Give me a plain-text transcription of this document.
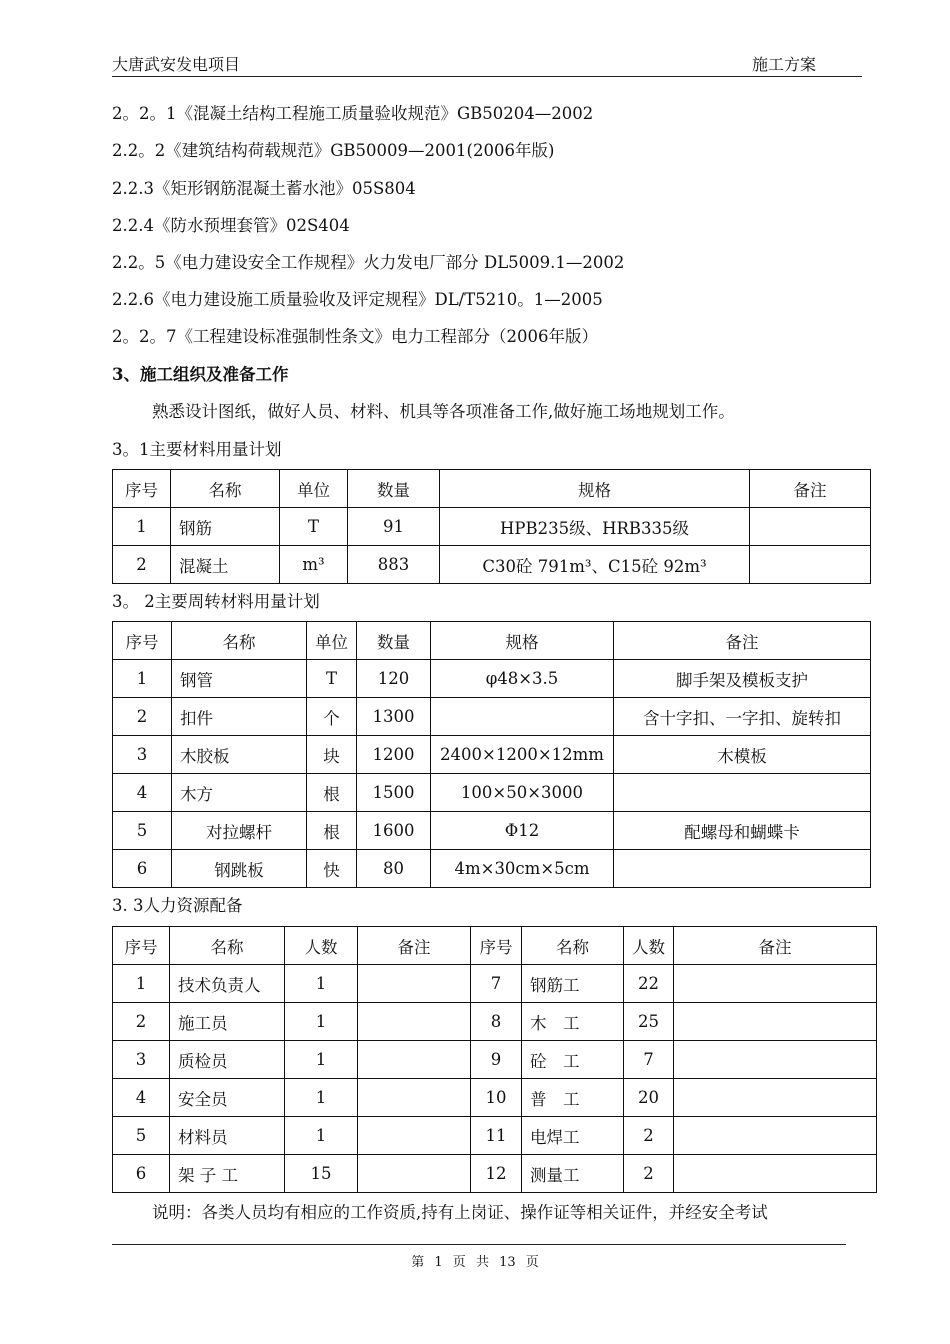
大唐武安发电项目	施工方案
2。2。1《混凝土结构工程施工质量验收规范》GB50204—2002
2.2。2《建筑结构荷载规范》GB50009—2001(2006年版)
2.2.3《矩形钢筋混凝土蓄水池》05S804
2.2.4《防水预埋套管》02S404
2.2。5《电力建设安全工作规程》火力发电厂部分 DL5009.1—2002
2.2.6《电力建设施工质量验收及评定规程》DL/T5210。1—2005
2。2。7《工程建设标准强制性条文》电力工程部分（2006年版）
3、施工组织及准备工作
熟悉设计图纸，做好人员、材料、机具等各项准备工作,做好施工场地规划工作。
3。1主要材料用量计划
序号	名称	单位	数量	规格	备注
1	钢筋	T	91	HPB235级、HRB335级	
2	混凝土	m³	883	C30砼 791m³、C15砼 92m³	
3。 2主要周转材料用量计划
序号	名称	单位	数量	规格	备注
1	钢管	T	120	φ48×3.5	脚手架及模板支护
2	扣件	个	1300		含十字扣、一字扣、旋转扣
3	木胶板	块	1200	2400×1200×12mm	木模板
4	木方	根	1500	100×50×3000	
5	对拉螺杆	根	1600	Φ12	配螺母和蝴蝶卡
6	钢跳板	快	80	4m×30cm×5cm	
3. 3人力资源配备
序号	名称	人数	备注	序号	名称	人数	备注
1	技术负责人	1		7	钢筋工	22	
2	施工员	1		8	木　工	25	
3	质检员	1		9	砼　工	7	
4	安全员	1		10	普　工	20	
5	材料员	1		11	电焊工	2	
6	架 子 工	15		12	测量工	2	
说明：各类人员均有相应的工作资质,持有上岗证、操作证等相关证件，并经安全考试
第 1 页 共 13 页
